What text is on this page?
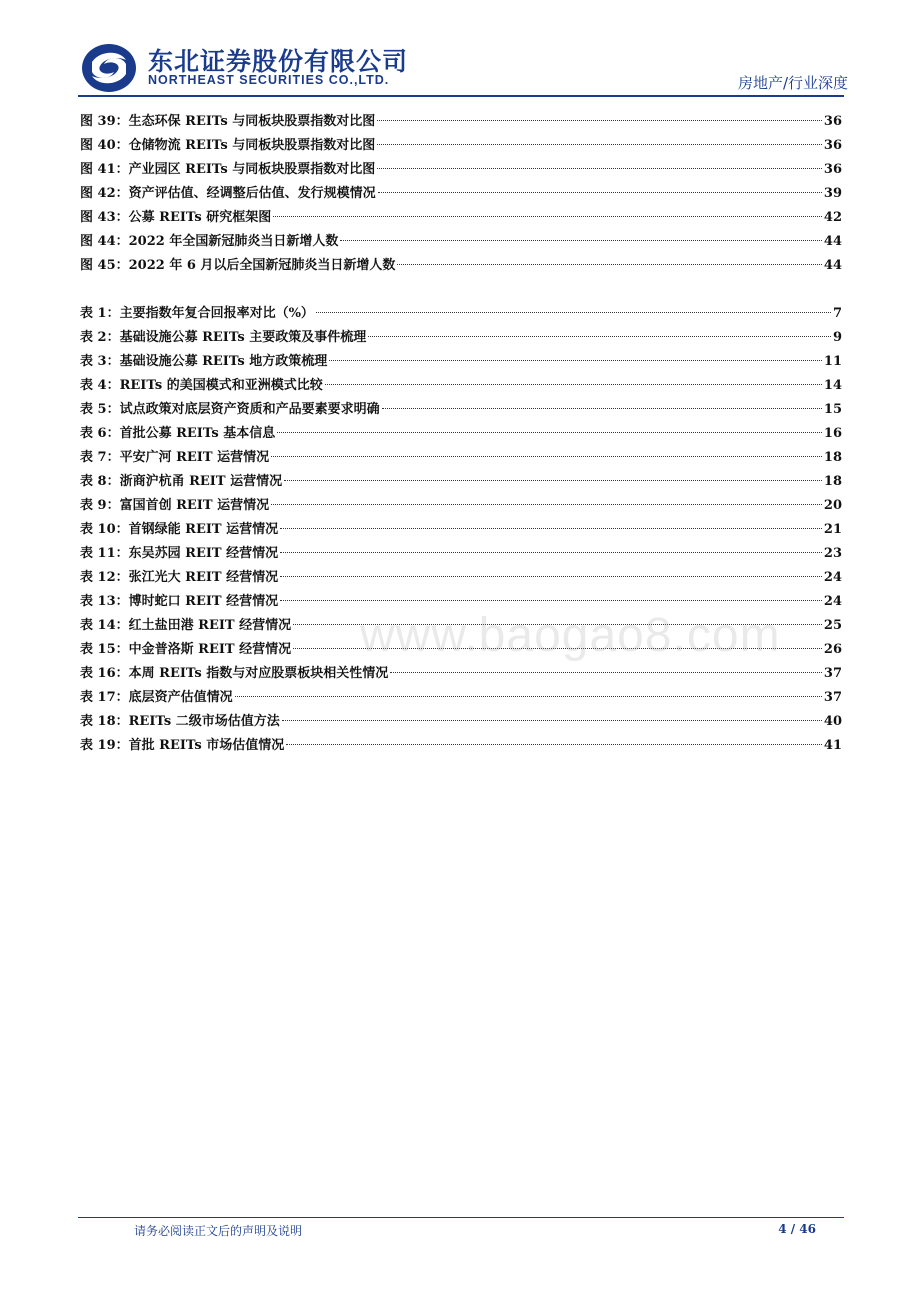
东北证券股份有限公司
NORTHEAST SECURITIES CO.,LTD.	房地产/行业深度
图 39：生态环保 REITs 与同板块股票指数对比图	36
图 40：仓储物流 REITs 与同板块股票指数对比图	36
图 41：产业园区 REITs 与同板块股票指数对比图	36
图 42：资产评估值、经调整后估值、发行规模情况	39
图 43：公募 REITs 研究框架图	42
图 44：2022 年全国新冠肺炎当日新增人数	44
图 45：2022 年 6 月以后全国新冠肺炎当日新增人数	44
表 1：主要指数年复合回报率对比（%）	7
表 2：基础设施公募 REITs 主要政策及事件梳理	9
表 3：基础设施公募 REITs 地方政策梳理	11
表 4：REITs 的美国模式和亚洲模式比较	14
表 5：试点政策对底层资产资质和产品要素要求明确	15
表 6：首批公募 REITs 基本信息	16
表 7：平安广河 REIT 运营情况	18
表 8：浙商沪杭甬 REIT 运营情况	18
表 9：富国首创 REIT 运营情况	20
表 10：首钢绿能 REIT 运营情况	21
表 11：东吴苏园 REIT 经营情况	23
表 12：张江光大 REIT 经营情况	24
表 13：博时蛇口 REIT 经营情况	24
表 14：红土盐田港 REIT 经营情况	25
表 15：中金普洛斯 REIT 经营情况	26
表 16：本周 REITs 指数与对应股票板块相关性情况	37
表 17：底层资产估值情况	37
表 18：REITs 二级市场估值方法	40
表 19：首批 REITs 市场估值情况	41
www.baogao8.com
请务必阅读正文后的声明及说明	4 / 46
